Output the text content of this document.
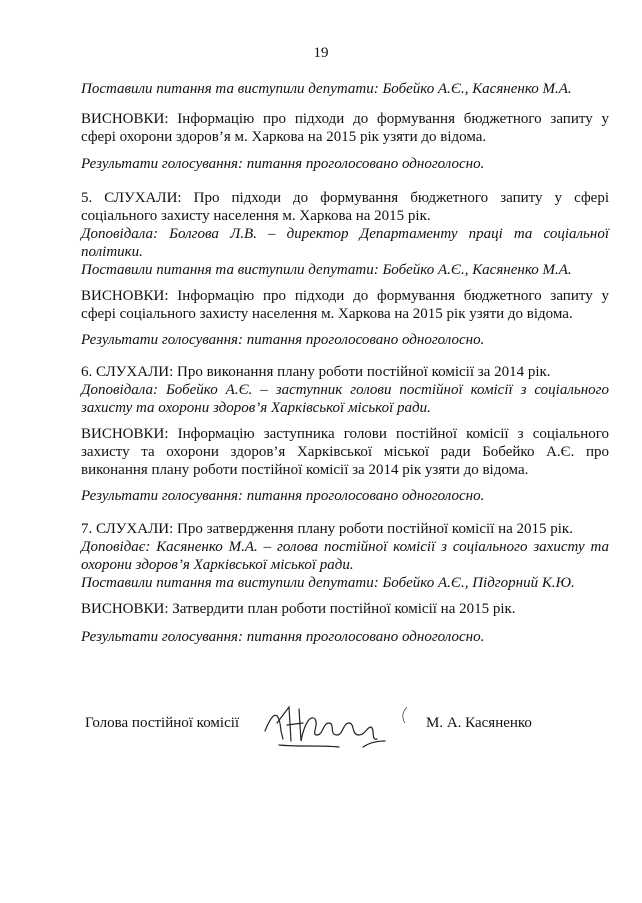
19
Поставили питання та виступили депутати: Бобейко А.Є., Касяненко М.А.
ВИСНОВКИ: Інформацію про підходи до формування бюджетного запиту у
сфері охорони здоров’я м. Харкова на 2015 рік узяти до відома.
Результати голосування: питання проголосовано одноголосно.
5. СЛУХАЛИ: Про підходи до формування бюджетного запиту у сфері
соціального захисту населення м. Харкова на 2015 рік.
Доповідала: Болгова Л.В. – директор Департаменту праці та соціальної
політики.
Поставили питання та виступили депутати: Бобейко А.Є., Касяненко М.А.
ВИСНОВКИ: Інформацію про підходи до формування бюджетного запиту у
сфері соціального захисту населення м. Харкова на 2015 рік узяти до відома.
Результати голосування: питання проголосовано одноголосно.
6. СЛУХАЛИ: Про виконання плану роботи постійної комісії за 2014 рік.
Доповідала: Бобейко А.Є. – заступник голови постійної комісії з соціального
захисту та охорони здоров’я Харківської міської ради.
ВИСНОВКИ: Інформацію заступника голови постійної комісії з соціального
захисту та охорони здоров’я Харківської міської ради Бобейко А.Є. про
виконання плану роботи постійної комісії за 2014 рік узяти до відома.
Результати голосування: питання проголосовано одноголосно.
7. СЛУХАЛИ: Про затвердження плану роботи постійної комісії на 2015 рік.
Доповідає: Касяненко М.А. – голова постійної комісії з соціального захисту та
охорони здоров’я Харківської міської ради.
Поставили питання та виступили депутати: Бобейко А.Є., Підгорний К.Ю.
ВИСНОВКИ: Затвердити план роботи постійної комісії на 2015 рік.
Результати голосування: питання проголосовано одноголосно.
Голова постійної комісії	М. А. Касяненко
